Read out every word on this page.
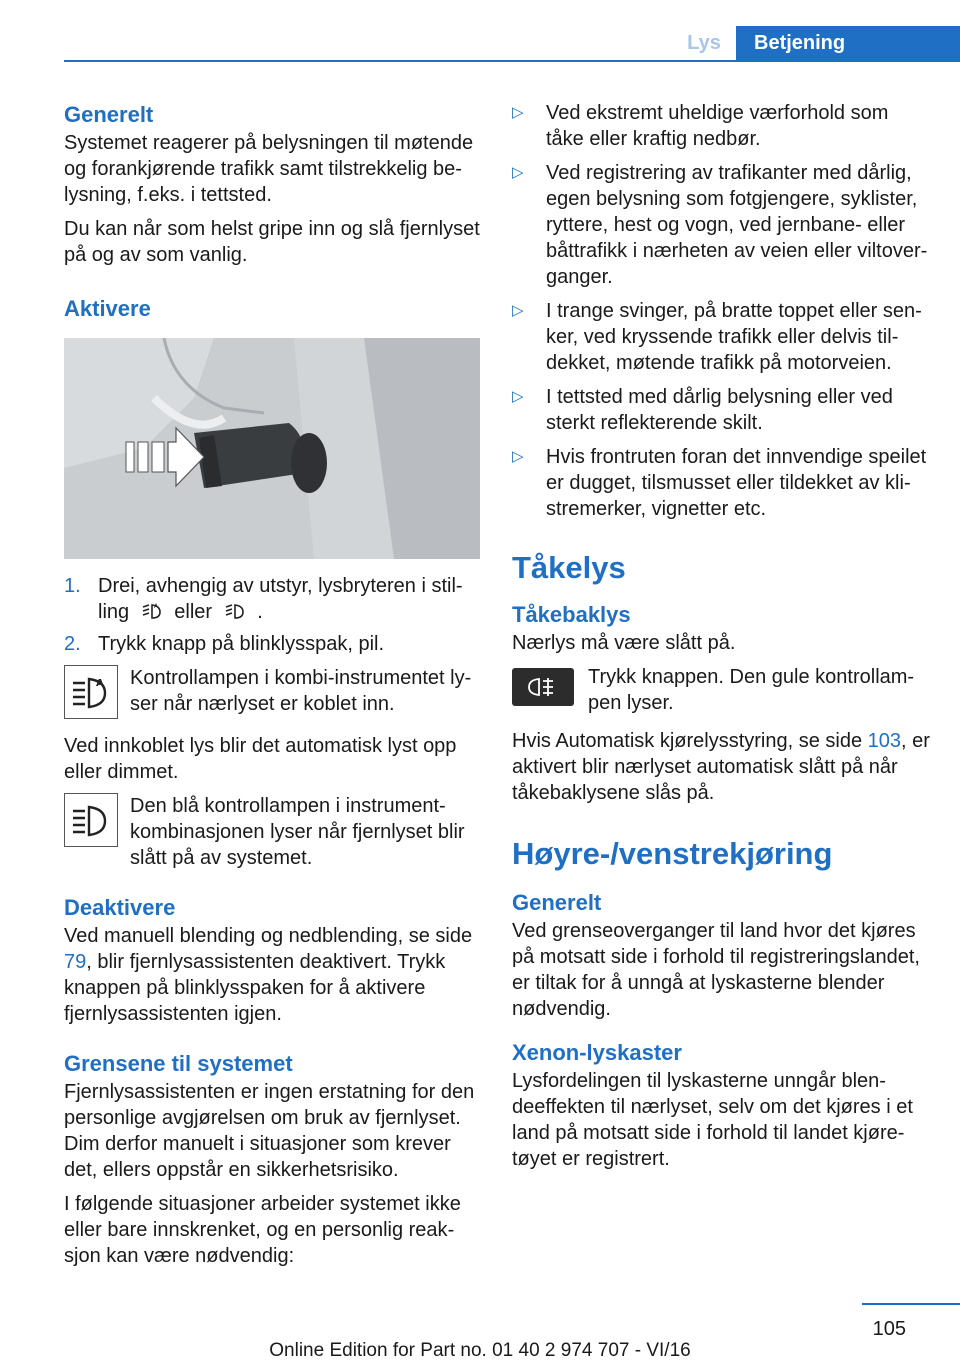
Lys	Betjening
Generelt

Systemet reagerer på belysningen til møtende og forankjørende trafikk samt tilstrekkelig belysning, f.eks. i tettsted.

Du kan når som helst gripe inn og slå fjernlyset på og av som vanlig.

Aktivere
1. Drei, avhengig av utstyr, lysbryteren i stilling	A eller .
2. Trykk knapp på blinklysspak, pil.
A Kontrollampen i kombi-instrumentet lyser når nærlyset er koblet inn.

Ved innkoblet lys blir det automatisk lyst opp eller dimmet.

Den blå kontrollampen i instrumentkombinasjonen lyser når fjernlyset blir slått på av systemet.
Deaktivere

Ved manuell blending og nedblending, se side 79, blir fjernlysassistenten deaktivert. Trykk knappen på blinklysspaken for å aktivere fjernlysassistenten igjen.

Grensene til systemet

Fjernlysassistenten er ingen erstatning for den personlige avgjørelsen om bruk av fjernlyset. Dim derfor manuelt i situasjoner som krever det, ellers oppstår en sikkerhetsrisiko.

I følgende situasjoner arbeider systemet ikke eller bare innskrenket, og en personlig reaksjon kan være nødvendig:

▷	Ved ekstremt uheldige værforhold som tåke eller kraftig nedbør.
▷	Ved registrering av trafikanter med dårlig, egen belysning som fotgjengere, syklister, ryttere, hest og vogn, ved jernbane- eller båttrafikk i nærheten av veien eller viltoverganger.
▷	I trange svinger, på bratte toppet eller senker, ved kryssende trafikk eller delvis tildekket, møtende trafikk på motorveien.
▷	I tettsted med dårlig belysning eller ved sterkt reflekterende skilt.
▷	Hvis frontruten foran det innvendige speilet er dugget, tilsmusset eller tildekket av klistremerker, vignetter etc.
Tåkelys
Tåkebaklys

Nærlys må være slått på.

Trykk knappen. Den gule kontrollampen lyser.

Hvis Automatisk kjørelysstyring, se side 103, er aktivert blir nærlyset automatisk slått på når tåkebaklysene slås på.

Høyre-/venstrekjøring
Generelt

Ved grenseoverganger til land hvor det kjøres på motsatt side i forhold til registreringslandet, er tiltak for å unngå at lyskasterne blender nødvendig.

Xenon-lyskaster

Lysfordelingen til lyskasterne unngår blendeeffekten til nærlyset, selv om det kjøres i et land på motsatt side i forhold til landet kjøretøyet er registrert.

105
Online Edition for Part no. 01 40 2 974 707 - VI/16
